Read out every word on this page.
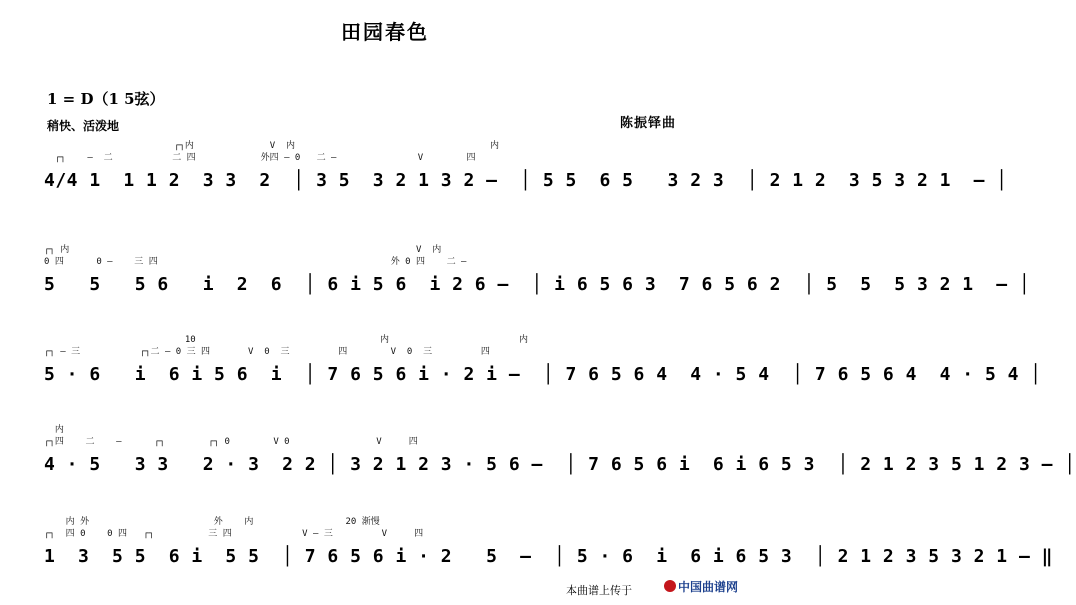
田园春色
1 = D（1 5弦）
稍快、活泼地	陈振铎曲
┌┐内              V  内                                    内
┌┐    —  二           二 四            外四 — 0   二 —               V        四
4/4 1  1 1 2  3 3  2  │ 3 5  3 2 1 3 2 —  │ 5 5  6 5   3 2 3  │ 2 1 2  3 5 3 2 1  — │
┌┐ 内                                                                V  内
0 四      0 —    三 四                                           外 0 四    二 —
5   5   5 6   i  2  6  │ 6 i 5 6  i 2 6 —  │ i 6 5 6 3  7 6 5 6 2  │ 5  5  5 3 2 1  — │
10                                  内                        内
┌┐ — 三           ┌┐二 — 0 三 四       V  0  三         四        V  0  三         四
5 · 6   i  6 i 5 6  i  │ 7 6 5 6 i · 2 i —  │ 7 6 5 6 4  4 · 5 4  │ 7 6 5 6 4  4 · 5 4 │
内
┌┐四    二    —      ┌┐        ┌┐ 0        V 0                V     四
4 · 5   3 3   2 · 3  2 2 │ 3 2 1 2 3 · 5 6 —  │ 7 6 5 6 i  6 i 6 5 3  │ 2 1 2 3 5 1 2 3 — │
内 外                       外    内                 20 渐慢
┌┐  四 0    0 四   ┌┐          三 四             V — 三         V     四
1  3  5 5  6 i  5 5  │ 7 6 5 6 i · 2   5  —  │ 5 · 6  i  6 i 6 5 3  │ 2 1 2 3 5 3 2 1 — ‖
本曲谱上传于	中国曲谱网
